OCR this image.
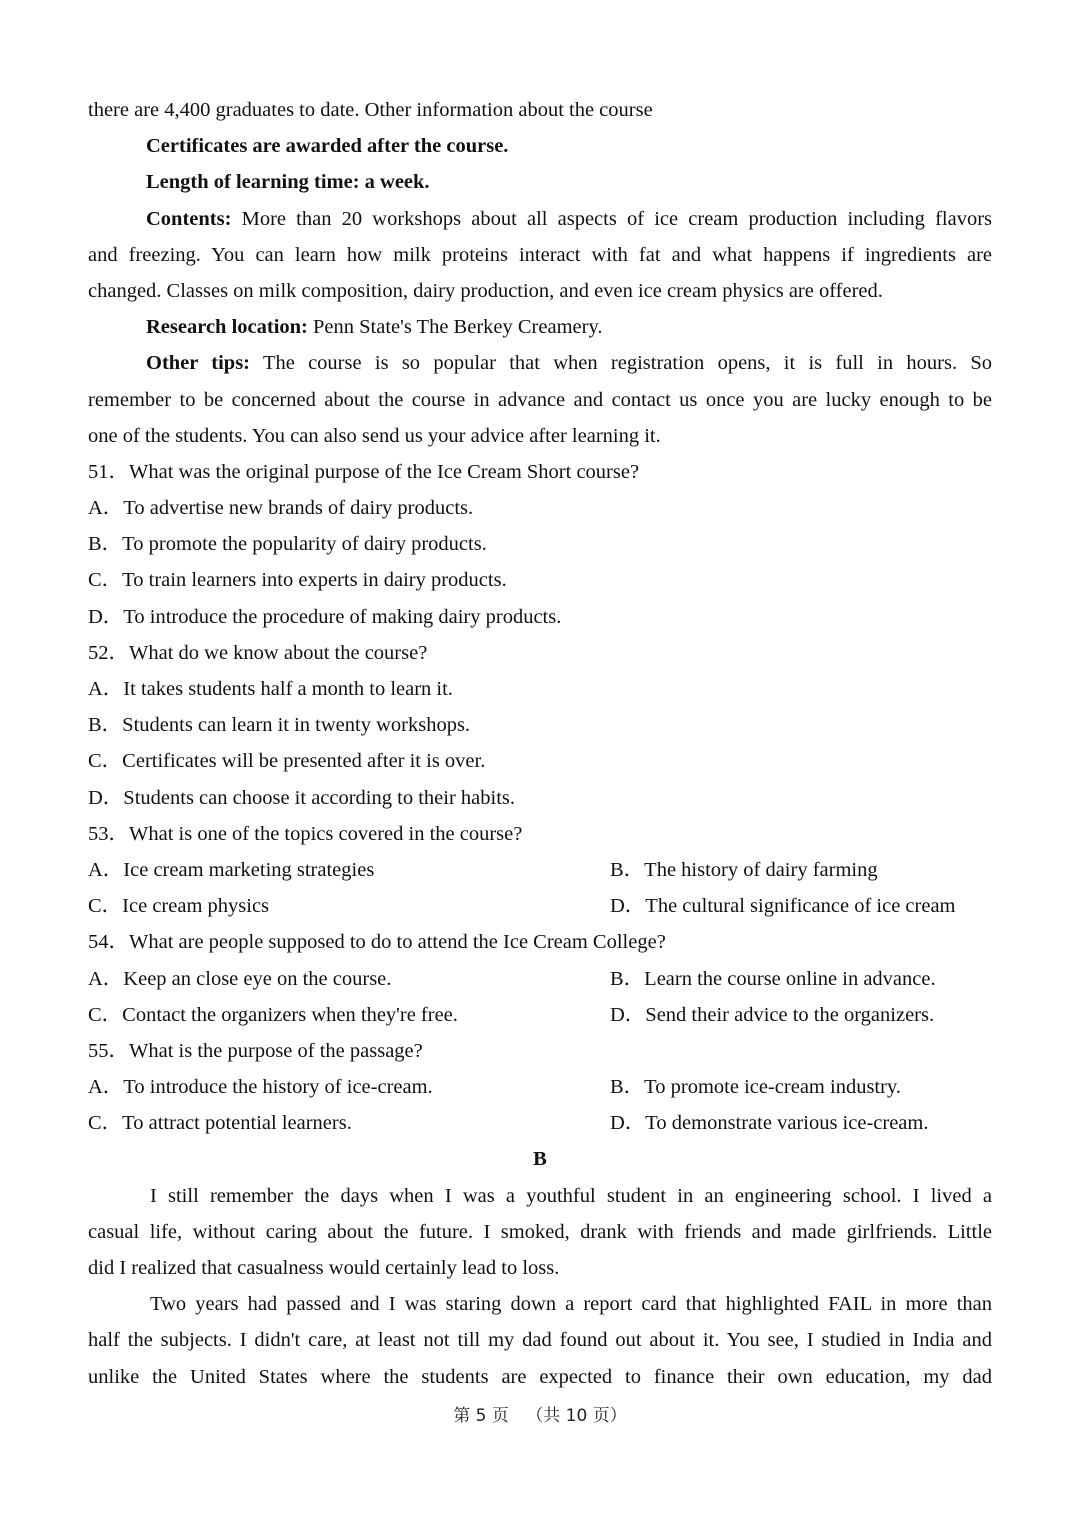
there are 4,400 graduates to date. Other information about the course
Certificates are awarded after the course.
Length of learning time: a week.
Contents: More than 20 workshops about all aspects of ice cream production including flavors
and freezing. You can learn how milk proteins interact with fat and what happens if ingredients are
changed. Classes on milk composition, dairy production, and even ice cream physics are offered.
Research location: Penn State's The Berkey Creamery.
Other tips: The course is so popular that when registration opens, it is full in hours. So
remember to be concerned about the course in advance and contact us once you are lucky enough to be
one of the students. You can also send us your advice after learning it.
51．What was the original purpose of the Ice Cream Short course?
A．To advertise new brands of dairy products.
B．To promote the popularity of dairy products.
C．To train learners into experts in dairy products.
D．To introduce the procedure of making dairy products.
52．What do we know about the course?
A．It takes students half a month to learn it.
B．Students can learn it in twenty workshops.
C．Certificates will be presented after it is over.
D．Students can choose it according to their habits.
53．What is one of the topics covered in the course?
A．Ice cream marketing strategies	B．The history of dairy farming
C．Ice cream physics	D．The cultural significance of ice cream
54．What are people supposed to do to attend the Ice Cream College?
A．Keep an close eye on the course.	B．Learn the course online in advance.
C．Contact the organizers when they're free.	D．Send their advice to the organizers.
55．What is the purpose of the passage?
A．To introduce the history of ice-cream.	B．To promote ice-cream industry.
C．To attract potential learners.	D．To demonstrate various ice-cream.
B
I still remember the days when I was a youthful student in an engineering school. I lived a
casual life, without caring about the future. I smoked, drank with friends and made girlfriends. Little
did I realized that casualness would certainly lead to loss.
Two years had passed and I was staring down a report card that highlighted FAIL in more than
half the subjects. I didn't care, at least not till my dad found out about it. You see, I studied in India and
unlike the United States where the students are expected to finance their own education, my dad
第 5 页 （共 10 页）
